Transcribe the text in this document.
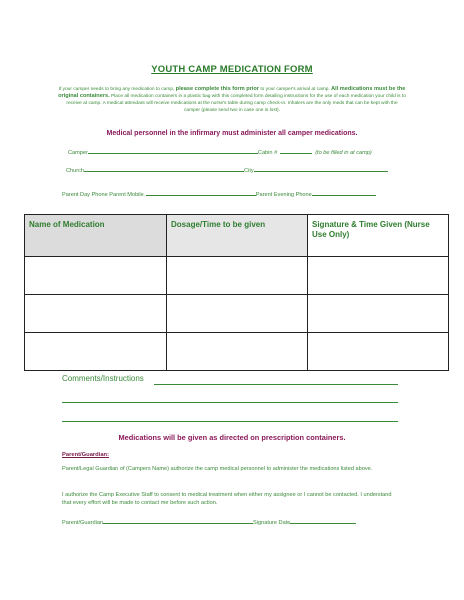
YOUTH CAMP MEDICATION FORM
If your camper needs to bring any medication to camp, please complete this form prior to your camper's arrival at camp. All medications must be the original containers. Place all medication containers in a plastic bag with this completed form detailing instructions for the use of each medication your child is to receive at camp. A medical attendant will receive medications at the nurse's table during camp check-in. Inhalers are the only meds that can be kept with the camper (please send two in case one is lost).
Medical personnel in the infirmary must administer all camper medications.
Camper	Cabin #	(to be filled in at camp)
Church	City
Parent Day Phone Parent Mobile	Parent Evening Phone
Name of Medication	Dosage/Time to be given	Signature & Time Given (Nurse Use Only)

Comments/Instructions
Medications will be given as directed on prescription containers.
Parent/Guardian:
Parent/Legal Guardian of (Campers Name) authorize the camp medical personnel to administer the medications listed above.
I authorize the Camp Executive Staff to consent to medical treatment when either my assignee or I cannot be contacted. I understand that every effort will be made to contact me before such action.
Parent/Guardian	Signature Date
